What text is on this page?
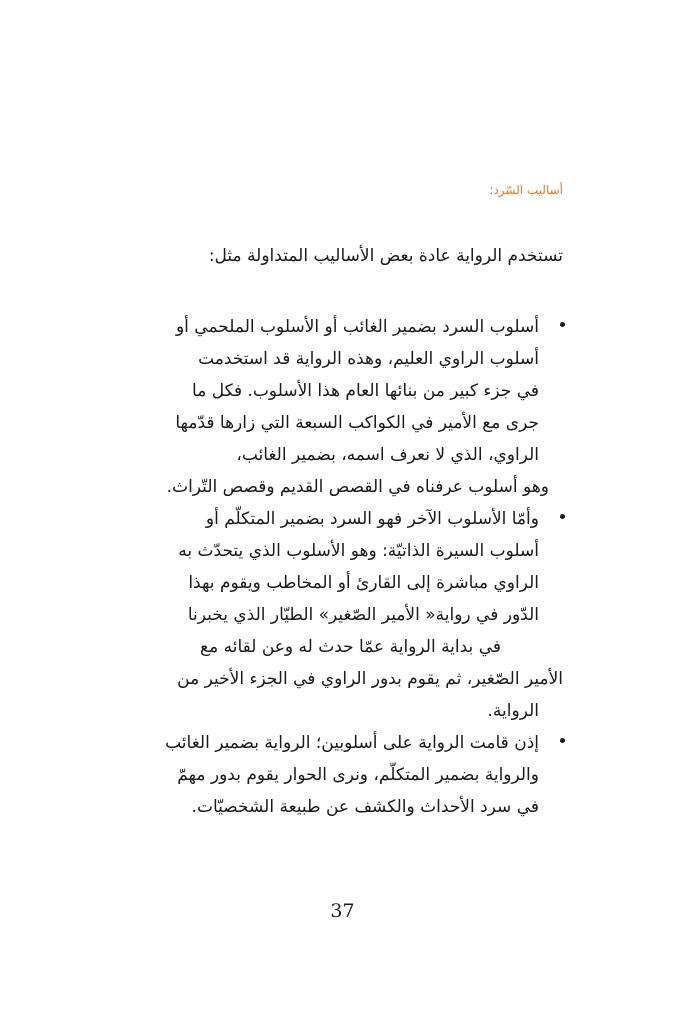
أساليب السّرد:
تستخدم الرواية عادة بعض الأساليب المتداولة مثل:
أسلوب السرد بضمير الغائب أو الأسلوب الملحمي أو
أسلوب الراوي العليم، وهذه الرواية قد استخدمت
في جزء كبير من بنائها العام هذا الأسلوب. فكل ما
جرى مع الأمير في الكواكب السبعة التي زارها قدّمها
الراوي، الذي لا نعرف اسمه، بضمير الغائب،
وهو أسلوب عرفناه في القصص القديم وقصص التّراث.
وأمّا الأسلوب الآخر فهو السرد بضمير المتكلّم أو
أسلوب السيرة الذاتيّة: وهو الأسلوب الذي يتحدّث به
الراوي مباشرة إلى القارئ أو المخاطب ويقوم بهذا
الدّور في رواية« الأمير الصّغير» الطيّار الذي يخبرنا
في بداية الرواية عمّا حدث له وعن لقائه مع
الأمير الصّغير، ثم يقوم بدور الراوي في الجزء الأخير من
الرواية.
إذن قامت الرواية على أسلوبين؛ الرواية بضمير الغائب
والرواية بضمير المتكلّم، ونرى الحوار يقوم بدور مهمّ
في سرد الأحداث والكشف عن طبيعة الشخصيّات.
37
